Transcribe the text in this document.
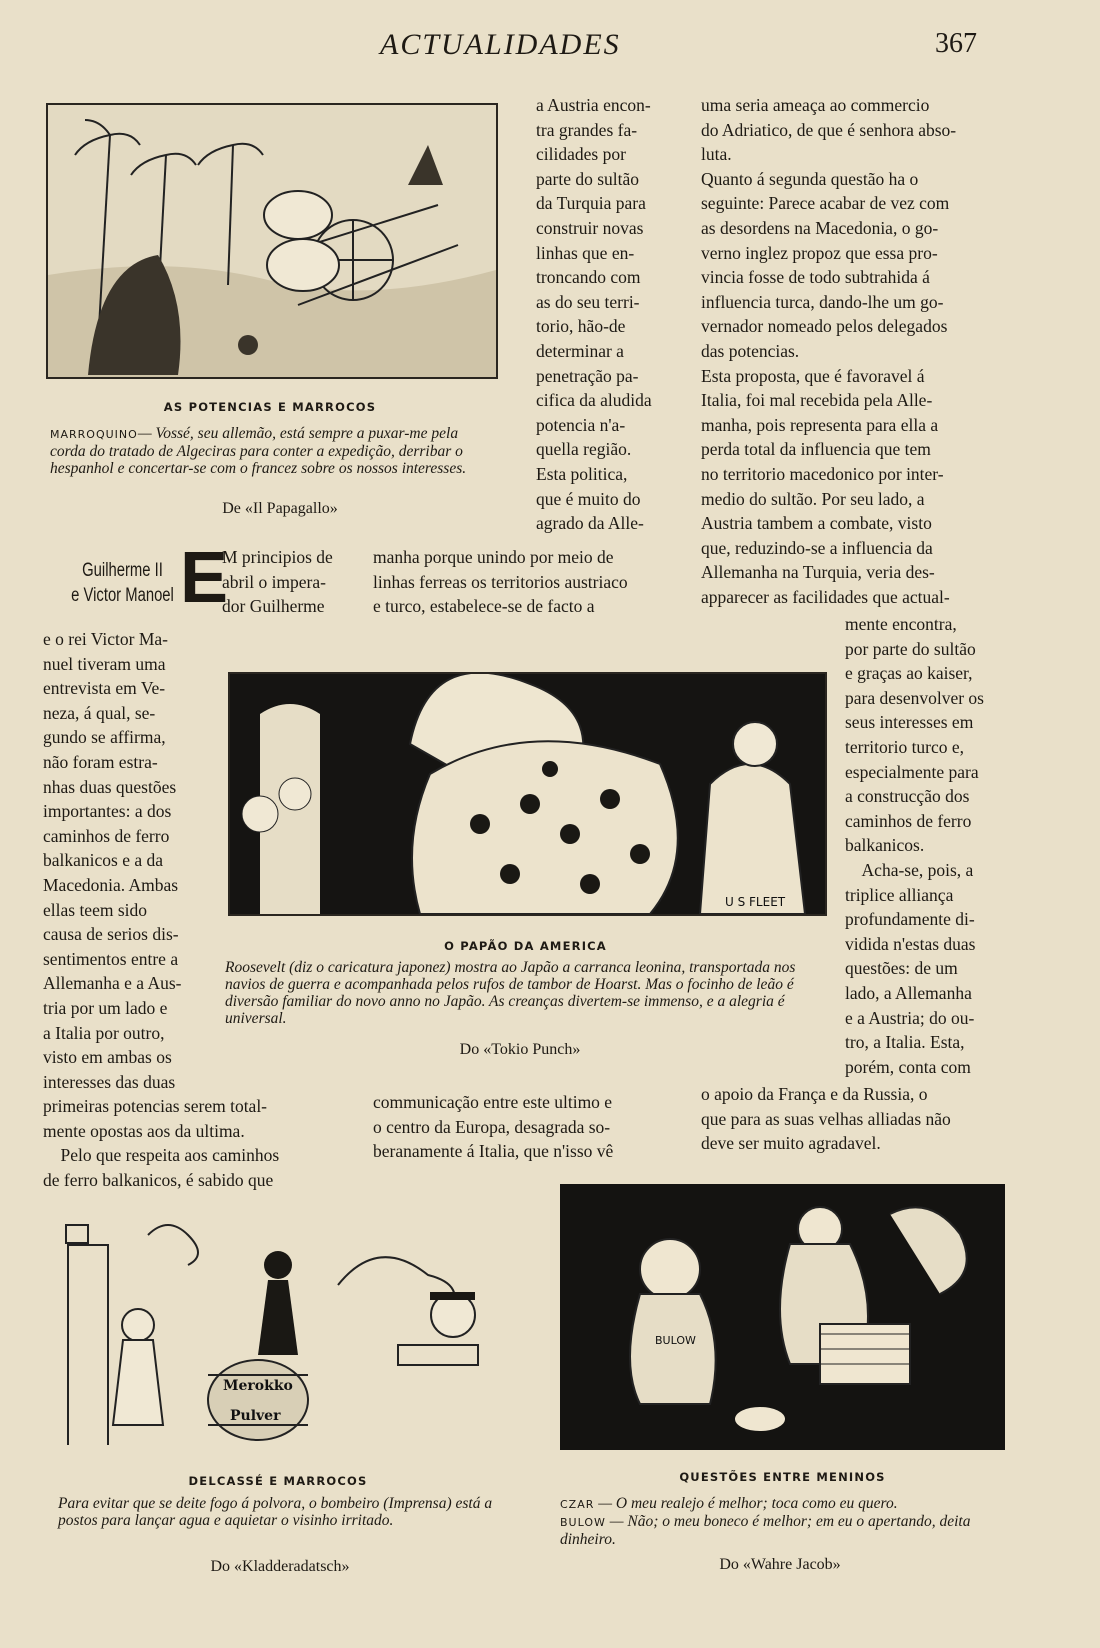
ACTUALIDADES	367
AS POTENCIAS E MARROCOS
MARROQUINO— Vossé, seu allemão, está sempre a puxar-me pela corda do tratado de Algeciras para conter a expedição, derribar o hespanhol e concertar-se com o francez sobre os nossos interesses.
De «Il Papagallo»

a Austria encon-

tra grandes fa-

cilidades por

parte do sultão

da Turquia para

construir novas

linhas que en-

troncando com

as do seu terri-

torio, hão-de

determinar a

penetração pa-

cifica da aludida

potencia n'a-

quella região.

Esta politica,

que é muito do

agrado da Alle-

uma seria ameaça ao commercio

do Adriatico, de que é senhora abso-

luta.

Quanto á segunda questão ha o

seguinte: Parece acabar de vez com

as desordens na Macedonia, o go-

verno inglez propoz que essa pro-

vincia fosse de todo subtrahida á

influencia turca, dando-lhe um go-

vernador nomeado pelos delegados

das potencias.

Esta proposta, que é favoravel á

Italia, foi mal recebida pela Alle-

manha, pois representa para ella a

perda total da influencia que tem

no territorio macedonico por inter-

medio do sultão. Por seu lado, a

Austria tambem a combate, visto

que, reduzindo-se a influencia da

Allemanha na Turquia, veria des-

apparecer as facilidades que actual-

Guilherme II
e Victor Manoel E

M principios de

abril o impera-

dor Guilherme

manha porque unindo por meio de

linhas ferreas os territorios austriaco

e turco, estabelece-se de facto a

e o rei Victor Ma-

nuel tiveram uma

entrevista em Ve-

neza, á qual, se-

gundo se affirma,

não foram estra-

nhas duas questões

importantes: a dos

caminhos de ferro

balkanicos e a da

Macedonia. Ambas

ellas teem sido

causa de serios dis-

sentimentos entre a

Allemanha e a Aus-

tria por um lado e

a Italia por outro,

visto em ambas os

interesses das duas

primeiras potencias serem total-

mente opostas aos da ultima.

Pelo que respeita aos caminhos

de ferro balkanicos, é sabido que

U S FLEET
O PAPÃO DA AMERICA
Roosevelt (diz o caricatura japonez) mostra ao Japão a carranca leonina, transportada nos navios de guerra e acompanhada pelos rufos de tambor de Hoarst. Mas o focinho de leão é diversão familiar do novo anno no Japão. As creanças divertem-se immenso, e a alegria é universal.
Do «Tokio Punch»

mente encontra,

por parte do sultão

e graças ao kaiser,

para desenvolver os

seus interesses em

territorio turco e,

especialmente para

a construcção dos

caminhos de ferro

balkanicos.

Acha-se, pois, a

triplice alliança

profundamente di-

vidida n'estas duas

questões: de um

lado, a Allemanha

e a Austria; do ou-

tro, a Italia. Esta,

porém, conta com

communicação entre este ultimo e

o centro da Europa, desagrada so-

beranamente á Italia, que n'isso vê

o apoio da França e da Russia, o

que para as suas velhas alliadas não

deve ser muito agradavel.

Merokko
Pulver
DELCASSÉ E MARROCOS
Para evitar que se deite fogo á polvora, o bombeiro (Imprensa) está a postos para lançar agua e aquietar o visinho irritado.
Do «Kladderadatsch»
BULOW
QUESTÕES ENTRE MENINOS
CZAR — O meu realejo é melhor; toca como eu quero.
BULOW — Não; o meu boneco é melhor; em eu o apertando, deita dinheiro.
Do «Wahre Jacob»
